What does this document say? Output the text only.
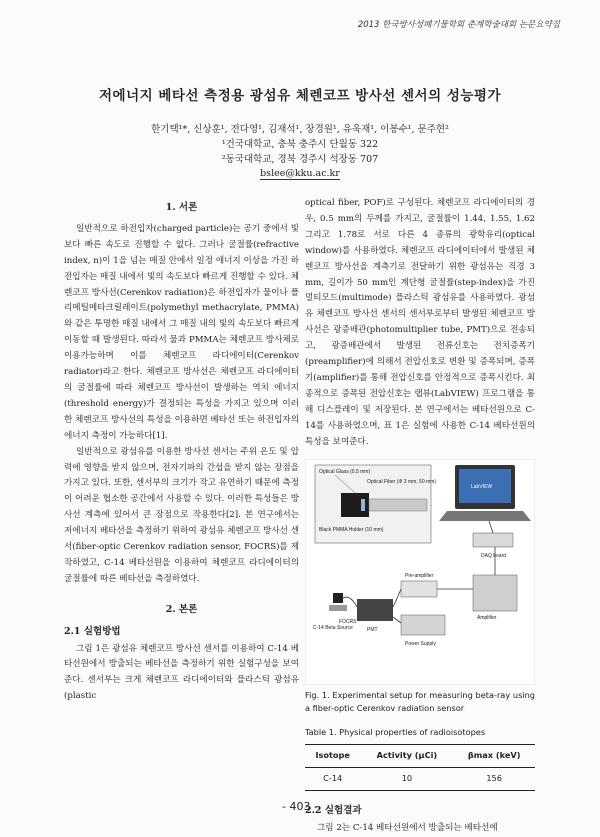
2013 한국방사성폐기물학회 춘계학술대회 논문요약집
저에너지 베타선 측정용 광섬유 체렌코프 방사선 센서의 성능평가
한기택¹*, 신상훈¹, 전다영¹, 김재석¹, 장경원¹, 유욱재¹, 이봉수¹, 문주현²
¹건국대학교, 충북 충주시 단월동 322
²동국대학교, 경북 경주시 석장동 707
bslee@kku.ac.kr
1. 서론

일반적으로 하전입자(charged particle)는 공기 중에서 빛보다 빠른 속도로 진행할 수 없다. 그러나 굴절률(refractive index, n)이 1을 넘는 매질 안에서 일정 에너지 이상을 가진 하전입자는 매질 내에서 빛의 속도보다 빠르게 진행할 수 있다. 체렌코프 방사선(Cerenkov radiation)은 하전입자가 물이나 폴리메틸메타크릴레이트(polymethyl methacrylate, PMMA)와 같은 투명한 매질 내에서 그 매질 내의 빛의 속도보다 빠르게 이동할 때 발생된다. 따라서 물과 PMMA는 체렌코프 방사체로 이용가능하며 이를 체렌코프 라디에이터(Cerenkov radiator)라고 한다. 체렌코프 방사선은 체렌코프 라디에이터의 굴절률에 따라 체렌코프 방사선이 발생하는 역치 에너지(threshold energy)가 결정되는 특성을 가지고 있으며 이러한 체렌코프 방사선의 특성을 이용하면 베타선 또는 하전입자의 에너지 측정이 가능하다[1].

일반적으로 광섬유를 이용한 방사선 센서는 주위 온도 및 압력에 영향을 받지 않으며, 전자기파의 간섭을 받지 않는 장점을 가지고 있다. 또한, 센서부의 크기가 작고 유연하기 때문에 측정이 어려운 협소한 공간에서 사용할 수 있다. 이러한 특성들은 방사선 계측에 있어서 큰 장점으로 작용한다[2]. 본 연구에서는 저에너지 베타선을 측정하기 위하여 광섬유 체렌코프 방사선 센서(fiber-optic Cerenkov radiation sensor, FOCRS)를 제작하였고, C-14 베타선원을 이용하여 체렌코프 라디에이터의 굴절률에 따른 베타선을 측정하였다.

2. 본론
2.1 실험방법

그림 1은 광섬유 체렌코프 방사선 센서를 이용하여 C-14 베타선원에서 방출되는 베타선을 측정하기 위한 실험구성을 보여준다. 센서부는 크게 체렌코프 라디에이터와 플라스틱 광섬유(plastic

optical fiber, POF)로 구성된다. 체렌코프 라디에이터의 경우, 0.5 mm의 두께를 가지고, 굴절률이 1.44, 1.55, 1.62 그리고 1.78로 서로 다른 4 종류의 광학유리(optical window)를 사용하였다. 체렌코프 라디에이터에서 발생된 체렌코프 방사선을 계측기로 전달하기 위한 광섬유는 직경 3 mm, 길이가 50 mm인 계단형 굴절률(step-index)을 가진 멀티모드(multimode) 플라스틱 광섬유를 사용하였다. 광섬유 체렌코프 방사선 센서의 센서부로부터 발생된 체렌코프 방사선은 광증배관(photomultiplier tube, PMT)으로 전송되고, 광증배관에서 발생된 전류신호는 전치증폭기(preamplifier)에 의해서 전압신호로 변환 및 증폭되며, 증폭기(amplifier)를 통해 전압신호를 안정적으로 증폭시킨다. 최종적으로 증폭된 전압신호는 랩뷰(LabVIEW) 프로그램을 통해 디스플레이 및 저장된다. 본 연구에서는 베타선원으로 C-14를 사용하였으며, 표 1은 실험에 사용한 C-14 베타선원의 특성을 보여준다.

Optical Glass (0.5 mm)
Optical Fiber (Φ 3 mm, 50 mm)
Black PMMA Holder (10 mm)
LabVIEW
DAQ board
Pre-amplifier
Amplifier
FOCRS
C-14 Beta Source	PMT
Power Supply
Fig. 1. Experimental setup for measuring beta-ray using a fiber-optic Cerenkov radiation sensor
Table 1. Physical properties of radioisotopes
Isotope	Activity (μCi)	βmax (keV)
C-14	10	156
2.2 실험결과

그림 2는 C-14 베타선원에서 방출되는 베타선에

- 403 -
